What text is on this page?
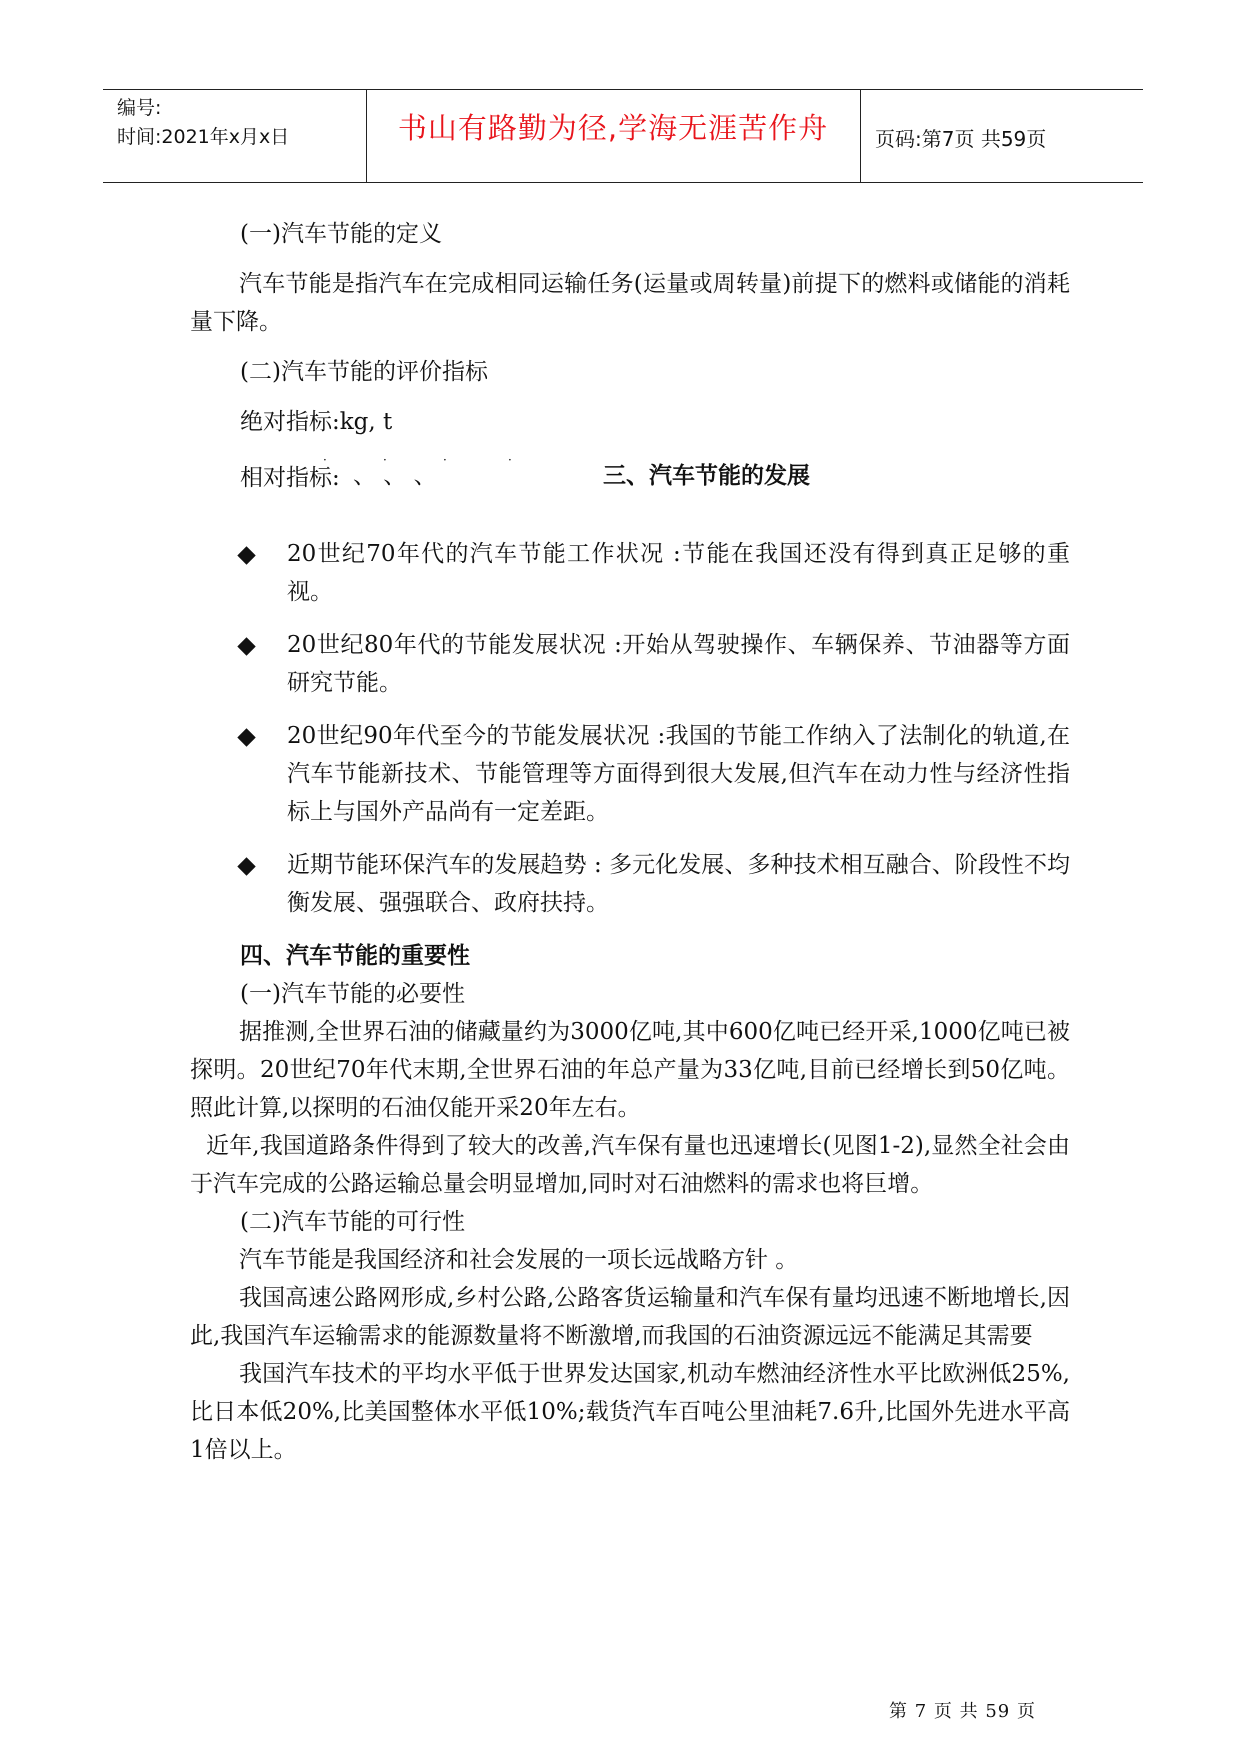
编号:
时间:2021年x月x日	书山有路勤为径,学海无涯苦作舟	页码:第7页 共59页

(一)汽车节能的定义

汽车节能是指汽车在完成相同运输任务(运量或周转量)前提下的燃料或储能的消耗量下降。

(二)汽车节能的评价指标

绝对指标:kg, t

相对指标:
·	·	·	·
、 、 、	三、汽车节能的发展
20世纪70年代的汽车节能工作状况 :节能在我国还没有得到真正足够的重视。
20世纪80年代的节能发展状况 :开始从驾驶操作、车辆保养、节油器等方面研究节能。
20世纪90年代至今的节能发展状况 :我国的节能工作纳入了法制化的轨道,在汽车节能新技术、节能管理等方面得到很大发展,但汽车在动力性与经济性指标上与国外产品尚有一定差距。
近期节能环保汽车的发展趋势 : 多元化发展、多种技术相互融合、阶段性不均衡发展、强强联合、政府扶持。

四、汽车节能的重要性

(一)汽车节能的必要性

据推测,全世界石油的储藏量约为3000亿吨,其中600亿吨已经开采,1000亿吨已被探明。20世纪70年代末期,全世界石油的年总产量为33亿吨,目前已经增长到50亿吨。照此计算,以探明的石油仅能开采20年左右。

近年,我国道路条件得到了较大的改善,汽车保有量也迅速增长(见图1-2),显然全社会由于汽车完成的公路运输总量会明显增加,同时对石油燃料的需求也将巨增。

(二)汽车节能的可行性

汽车节能是我国经济和社会发展的一项长远战略方针 。

我国高速公路网形成,乡村公路,公路客货运输量和汽车保有量均迅速不断地增长,因此,我国汽车运输需求的能源数量将不断激增,而我国的石油资源远远不能满足其需要

我国汽车技术的平均水平低于世界发达国家,机动车燃油经济性水平比欧洲低25%,比日本低20%,比美国整体水平低10%;载货汽车百吨公里油耗7.6升,比国外先进水平高1倍以上。

第 7 页 共 59 页
